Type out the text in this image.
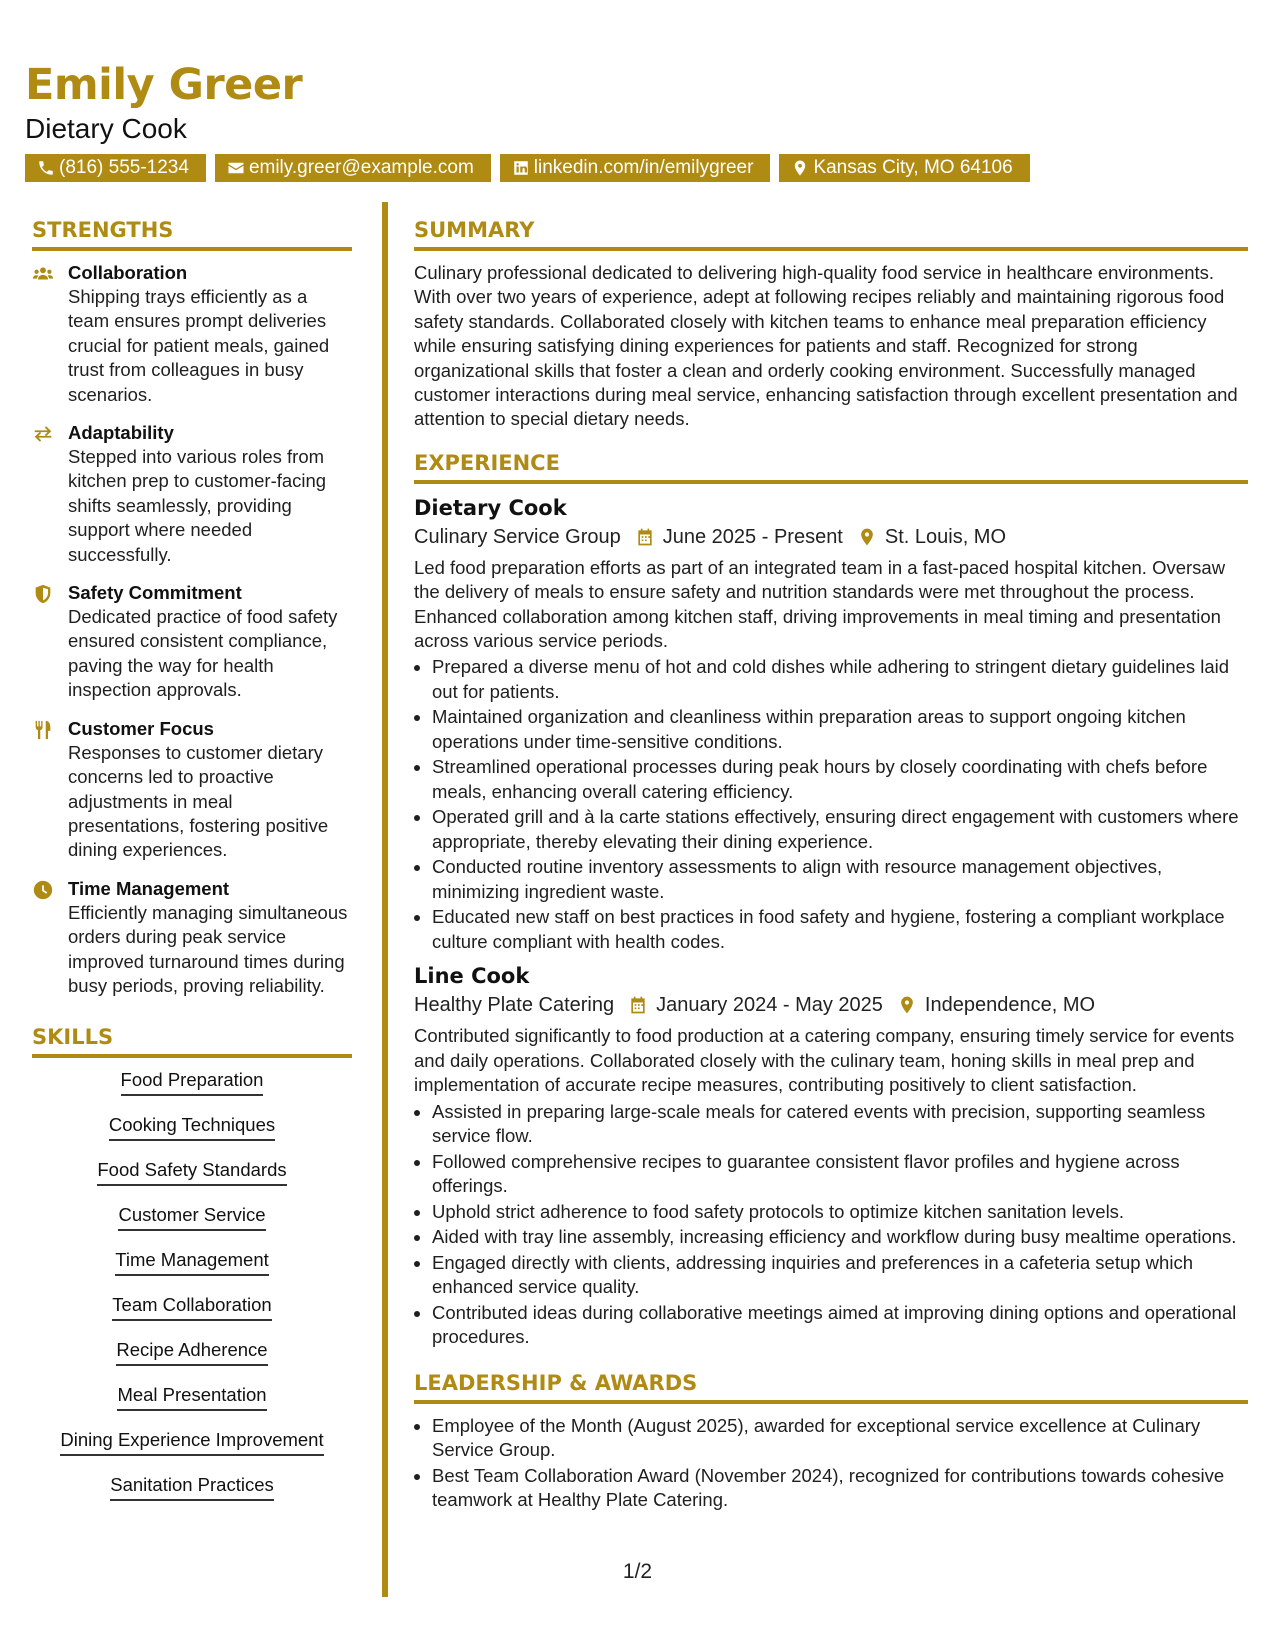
Emily Greer
Dietary Cook
(816) 555-1234	emily.greer@example.com	linkedin.com/in/emilygreer	Kansas City, MO 64106
STRENGTHS
Collaboration
Shipping trays efficiently as a team ensures prompt deliveries crucial for patient meals, gained trust from colleagues in busy scenarios.
Adaptability
Stepped into various roles from kitchen prep to customer-facing shifts seamlessly, providing support where needed successfully.
Safety Commitment
Dedicated practice of food safety ensured consistent compliance, paving the way for health inspection approvals.
Customer Focus
Responses to customer dietary concerns led to proactive adjustments in meal presentations, fostering positive dining experiences.
Time Management
Efficiently managing simultaneous orders during peak service improved turnaround times during busy periods, proving reliability.
SKILLS
Food Preparation
Cooking Techniques
Food Safety Standards
Customer Service
Time Management
Team Collaboration
Recipe Adherence
Meal Presentation
Dining Experience Improvement
Sanitation Practices
SUMMARY
Culinary professional dedicated to delivering high-quality food service in healthcare environments. With over two years of experience, adept at following recipes reliably and maintaining rigorous food safety standards. Collaborated closely with kitchen teams to enhance meal preparation efficiency while ensuring satisfying dining experiences for patients and staff. Recognized for strong organizational skills that foster a clean and orderly cooking environment. Successfully managed customer interactions during meal service, enhancing satisfaction through excellent presentation and attention to special dietary needs.
EXPERIENCE
Dietary Cook
Culinary Service Group June 2025 - Present St. Louis, MO
Led food preparation efforts as part of an integrated team in a fast-paced hospital kitchen. Oversaw the delivery of meals to ensure safety and nutrition standards were met throughout the process. Enhanced collaboration among kitchen staff, driving improvements in meal timing and presentation across various service periods.
• Prepared a diverse menu of hot and cold dishes while adhering to stringent dietary guidelines laid out for patients.
• Maintained organization and cleanliness within preparation areas to support ongoing kitchen operations under time-sensitive conditions.
• Streamlined operational processes during peak hours by closely coordinating with chefs before meals, enhancing overall catering efficiency.
• Operated grill and à la carte stations effectively, ensuring direct engagement with customers where appropriate, thereby elevating their dining experience.
• Conducted routine inventory assessments to align with resource management objectives, minimizing ingredient waste.
• Educated new staff on best practices in food safety and hygiene, fostering a compliant workplace culture compliant with health codes.
Line Cook
Healthy Plate Catering January 2024 - May 2025 Independence, MO
Contributed significantly to food production at a catering company, ensuring timely service for events and daily operations. Collaborated closely with the culinary team, honing skills in meal prep and implementation of accurate recipe measures, contributing positively to client satisfaction.
• Assisted in preparing large-scale meals for catered events with precision, supporting seamless service flow.
• Followed comprehensive recipes to guarantee consistent flavor profiles and hygiene across offerings.
• Uphold strict adherence to food safety protocols to optimize kitchen sanitation levels.
• Aided with tray line assembly, increasing efficiency and workflow during busy mealtime operations.
• Engaged directly with clients, addressing inquiries and preferences in a cafeteria setup which enhanced service quality.
• Contributed ideas during collaborative meetings aimed at improving dining options and operational procedures.
LEADERSHIP & AWARDS
• Employee of the Month (August 2025), awarded for exceptional service excellence at Culinary Service Group.
• Best Team Collaboration Award (November 2024), recognized for contributions towards cohesive teamwork at Healthy Plate Catering.
1/2
